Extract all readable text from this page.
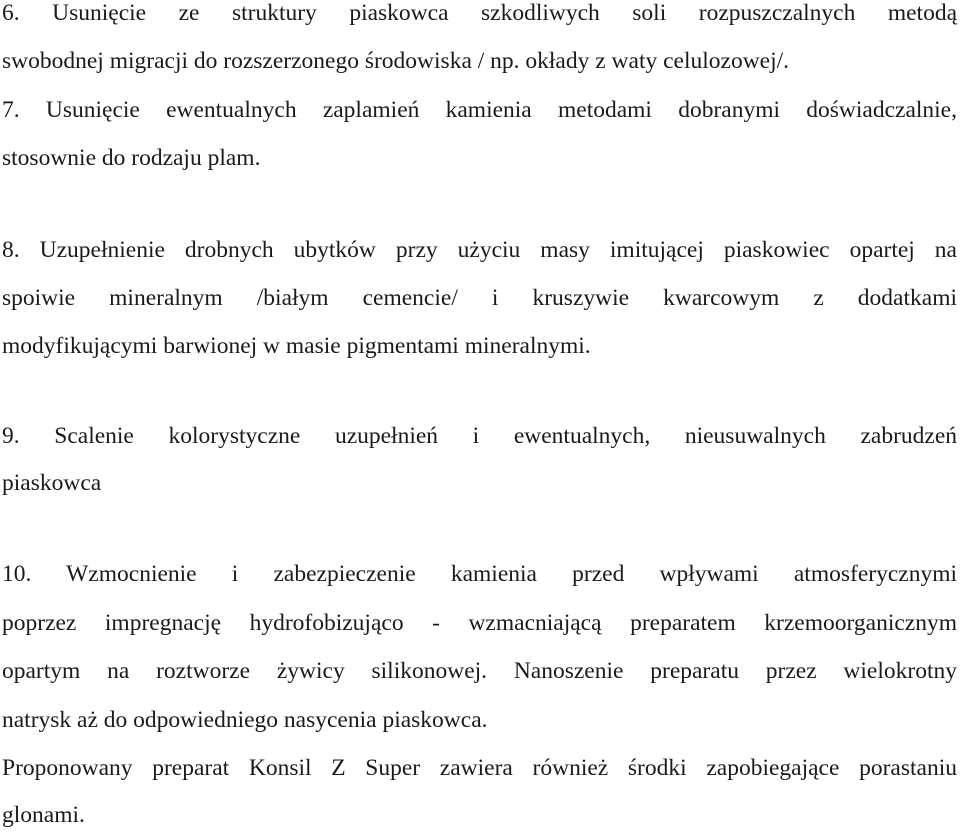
6. Usunięcie ze struktury piaskowca szkodliwych soli rozpuszczalnych metodą
swobodnej migracji do rozszerzonego środowiska / np. okłady z waty celulozowej/.
7. Usunięcie ewentualnych zaplamień kamienia metodami dobranymi doświadczalnie,
stosownie do rodzaju plam.
8. Uzupełnienie drobnych ubytków przy użyciu masy imitującej piaskowiec opartej na
spoiwie mineralnym /białym cemencie/ i kruszywie kwarcowym z dodatkami
modyfikującymi barwionej w masie pigmentami mineralnymi.
9. Scalenie kolorystyczne uzupełnień i ewentualnych, nieusuwalnych zabrudzeń
piaskowca
10. Wzmocnienie i zabezpieczenie kamienia przed wpływami atmosferycznymi
poprzez impregnację hydrofobizująco - wzmacniającą preparatem krzemoorganicznym
opartym na roztworze żywicy silikonowej. Nanoszenie preparatu przez wielokrotny
natrysk aż do odpowiedniego nasycenia piaskowca.
Proponowany preparat Konsil Z Super zawiera również środki zapobiegające porastaniu
glonami.
